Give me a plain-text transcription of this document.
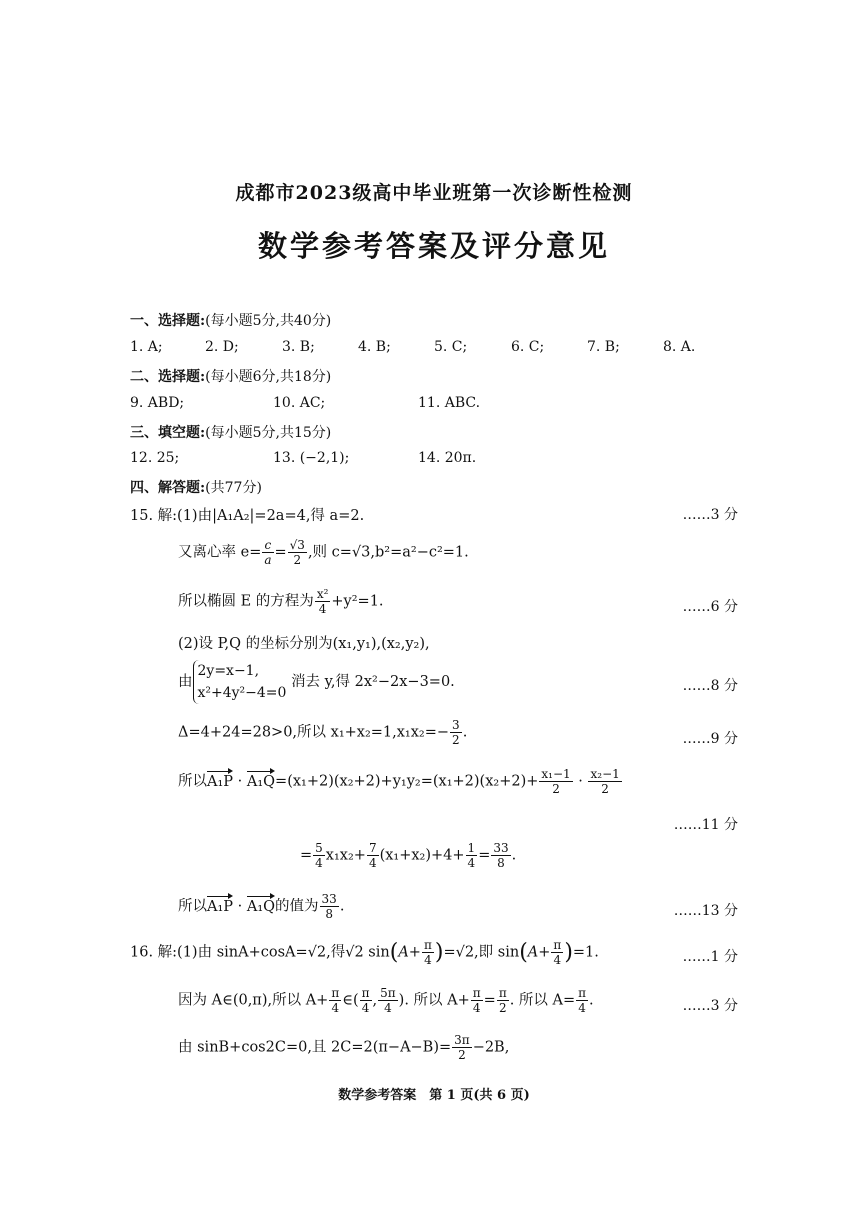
成都市2023级高中毕业班第一次诊断性检测
数学参考答案及评分意见
一、选择题:(每小题5分,共40分)
1. A;	2. D;	3. B;	4. B;	5. C;	6. C;	7. B;	8. A.
二、选择题:(每小题6分,共18分)
9. ABD;	10. AC;	11. ABC.
三、填空题:(每小题5分,共15分)
12. 25;	13. (−2,1);	14. 20π.
四、解答题:(共77分)
15. 解:(1)由|A₁A₂|=2a=4,得 a=2.	……3 分
又离心率 $e= \frac{c}{a} = \frac{√3}{2}$ ,则 c=√3,b²=a²−c²=1.
所以椭圆 E 的方程为 $\frac{\text{x²}}{4} +y^2=1$.	……6 分
(2)设 P,Q 的坐标分别为(x₁,y₁),(x₂,y₂),
由
2y=x−1,
x²+4y²−4=0
消去 y,得 2x²−2x−3=0.	……8 分
Δ=4+24=28>0,所以 $x_1+x_2=1,x_1x_2=- \frac{3}{2}$ .	……9 分
所以$A_1P \cdot A_1Q=(x_1+2)(x_2+2)+y_1y_2=(x_1+2)(x_2+2)+ \frac{\text{x₁−1}}{2} \cdot \frac{\text{x₂−1}}{2}$
……11 分
= $\frac{5}{4} x_1x_2+ \frac{7}{4} (x_1+x_2)+4+ \frac{1}{4} = \frac{33}{8}$ .
所以A₁P · A₁Q的值为 $\frac{33}{8}$ .	……13 分
16. 解:(1)由 sinA+cosA=√2,得√2 $\sin(A+ \frac{\pi}{4} )=√2$,即 $\sin(A+ \frac{\pi}{4} )=1$.	……1 分
因为 A∈(0,π),所以 $A+ \frac{\pi}{4}$ ∈( $\frac{\pi}{4}$ , $\frac{5\pi}{4}$ ). 所以 $A+ \frac{\pi}{4} = \frac{\pi}{2}$ . 所以 $A= \frac{\pi}{4}$ .	……3 分
由 sinB+cos2C=0,且 $2C=2(\pi-A-B)= \frac{3\pi}{2} -2B$,
数学参考答案　第 1 页(共 6 页)
